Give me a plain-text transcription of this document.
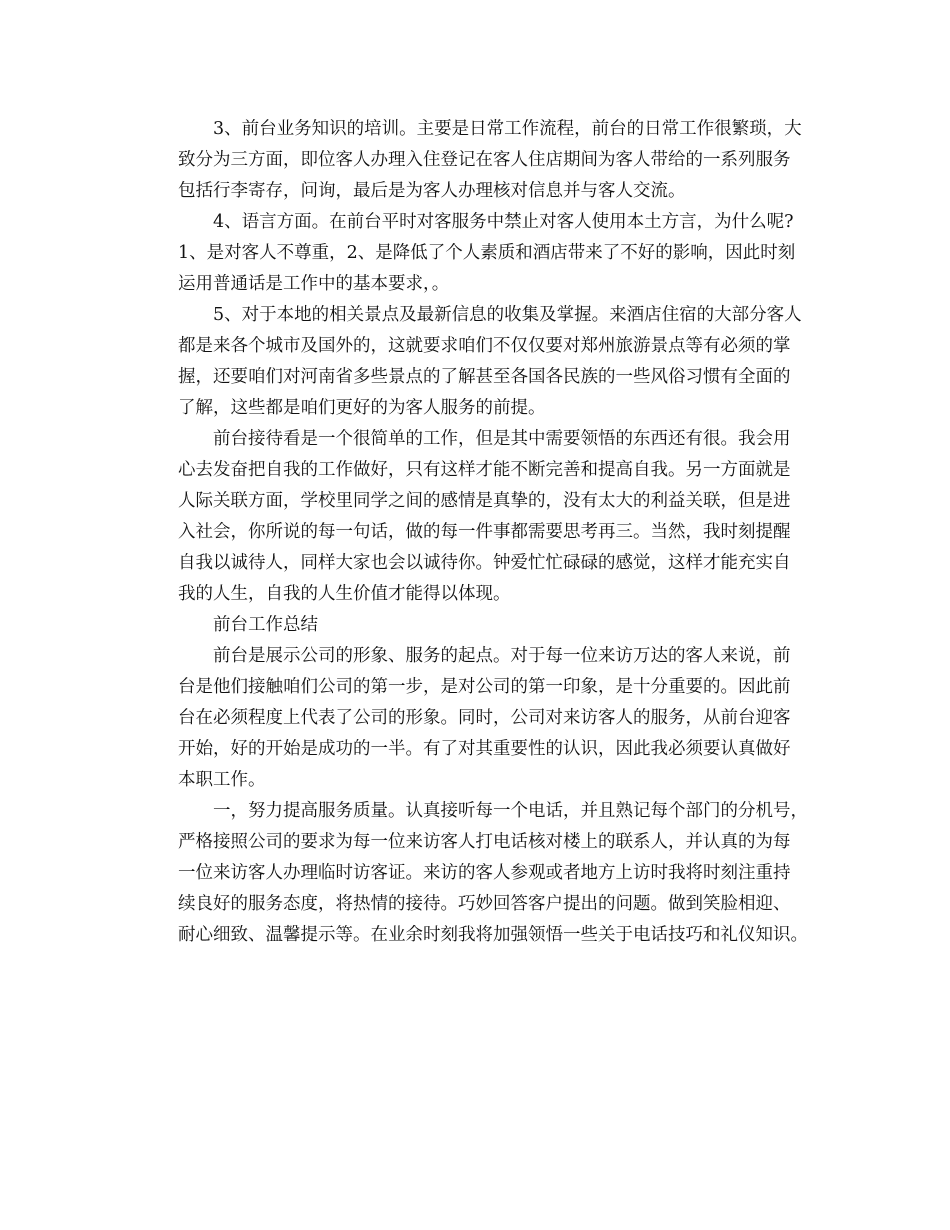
3、前台业务知识的培训。主要是日常工作流程，前台的日常工作很繁琐，大
致分为三方面，即位客人办理入住登记在客人住店期间为客人带给的一系列服务
包括行李寄存，问询，最后是为客人办理核对信息并与客人交流。
4、语言方面。在前台平时对客服务中禁止对客人使用本土方言，为什么呢?
1、是对客人不尊重，2、是降低了个人素质和酒店带来了不好的影响，因此时刻
运用普通话是工作中的基本要求，。
5、对于本地的相关景点及最新信息的收集及掌握。来酒店住宿的大部分客人
都是来各个城市及国外的，这就要求咱们不仅仅要对郑州旅游景点等有必须的掌
握，还要咱们对河南省多些景点的了解甚至各国各民族的一些风俗习惯有全面的
了解，这些都是咱们更好的为客人服务的前提。
前台接待看是一个很简单的工作，但是其中需要领悟的东西还有很。我会用
心去发奋把自我的工作做好，只有这样才能不断完善和提高自我。另一方面就是
人际关联方面，学校里同学之间的感情是真挚的，没有太大的利益关联，但是进
入社会，你所说的每一句话，做的每一件事都需要思考再三。当然，我时刻提醒
自我以诚待人，同样大家也会以诚待你。钟爱忙忙碌碌的感觉，这样才能充实自
我的人生，自我的人生价值才能得以体现。
前台工作总结
前台是展示公司的形象、服务的起点。对于每一位来访万达的客人来说，前
台是他们接触咱们公司的第一步，是对公司的第一印象，是十分重要的。因此前
台在必须程度上代表了公司的形象。同时，公司对来访客人的服务，从前台迎客
开始，好的开始是成功的一半。有了对其重要性的认识，因此我必须要认真做好
本职工作。
一，努力提高服务质量。认真接听每一个电话，并且熟记每个部门的分机号，
严格接照公司的要求为每一位来访客人打电话核对楼上的联系人，并认真的为每
一位来访客人办理临时访客证。来访的客人参观或者地方上访时我将时刻注重持
续良好的服务态度，将热情的接待。巧妙回答客户提出的问题。做到笑脸相迎、
耐心细致、温馨提示等。在业余时刻我将加强领悟一些关于电话技巧和礼仪知识。
